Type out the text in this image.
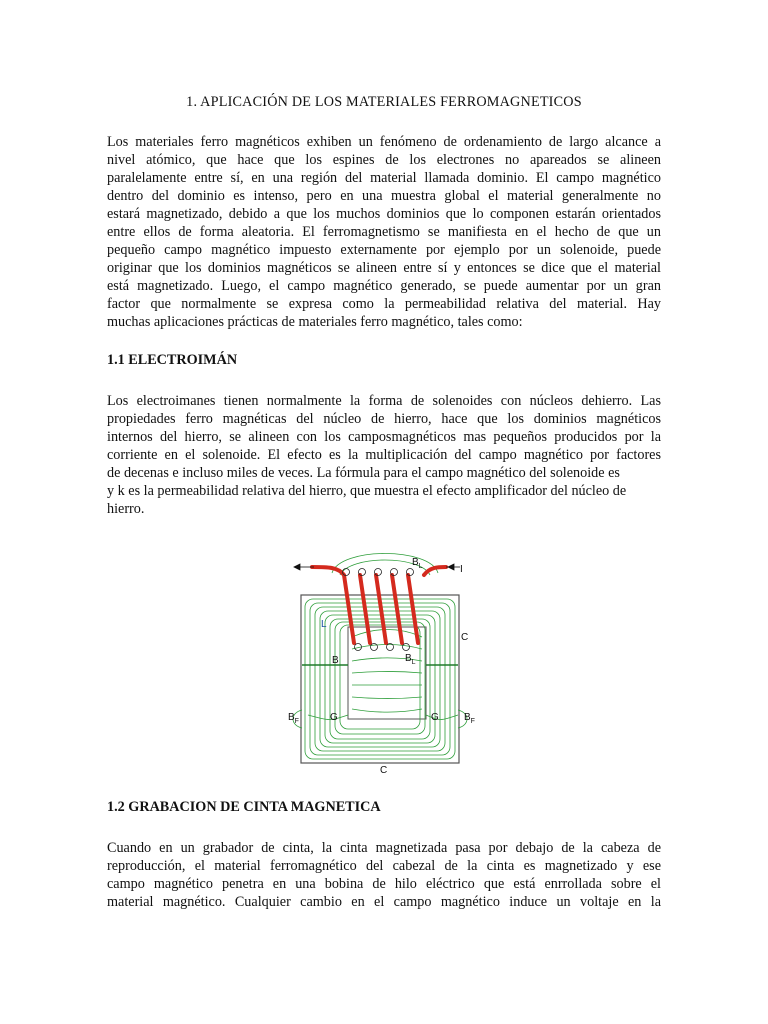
1. APLICACIÓN DE LOS MATERIALES FERROMAGNETICOS
Los materiales ferro magnéticos exhiben un fenómeno de ordenamiento de largo alcance a
nivel atómico, que hace que los espines de los electrones no apareados se alineen
paralelamente entre sí, en una región del material llamada dominio. El campo magnético
dentro del dominio es intenso, pero en una muestra global el material generalmente no
estará magnetizado, debido a que los muchos dominios que lo componen estarán orientados
entre ellos de forma aleatoria. El ferromagnetismo se manifiesta en el hecho de que un
pequeño campo magnético impuesto externamente por ejemplo por un solenoide, puede
originar que los dominios magnéticos se alineen entre sí y entonces se dice que el material
está magnetizado. Luego, el campo magnético generado, se puede aumentar por un gran
factor que normalmente se expresa como la permeabilidad relativa del material. Hay
muchas aplicaciones prácticas de materiales ferro magnético, tales como:
1.1 ELECTROIMÁN
Los electroimanes tienen normalmente la forma de solenoides con núcleos dehierro. Las
propiedades ferro magnéticas del núcleo de hierro, hace que los dominios magnéticos
internos del hierro, se alineen con los camposmagnéticos mas pequeños producidos por la
corriente en el solenoide. El efecto es la multiplicación del campo magnético por factores
de decenas e incluso miles de veces. La fórmula para el campo magnético del solenoide es
y k es la permeabilidad relativa del hierro, que muestra el efecto amplificador del núcleo de
hierro.
$B_L$	I
L
C
B	$B_L$
$B_F$	G	G	$B_F$
C
1.2 GRABACION DE CINTA MAGNETICA
Cuando en un grabador de cinta, la cinta magnetizada pasa por debajo de la cabeza de
reproducción, el material ferromagnético del cabezal de la cinta es magnetizado y ese
campo magnético penetra en una bobina de hilo eléctrico que está enrrollada sobre el
material magnético. Cualquier cambio en el campo magnético induce un voltaje en la
